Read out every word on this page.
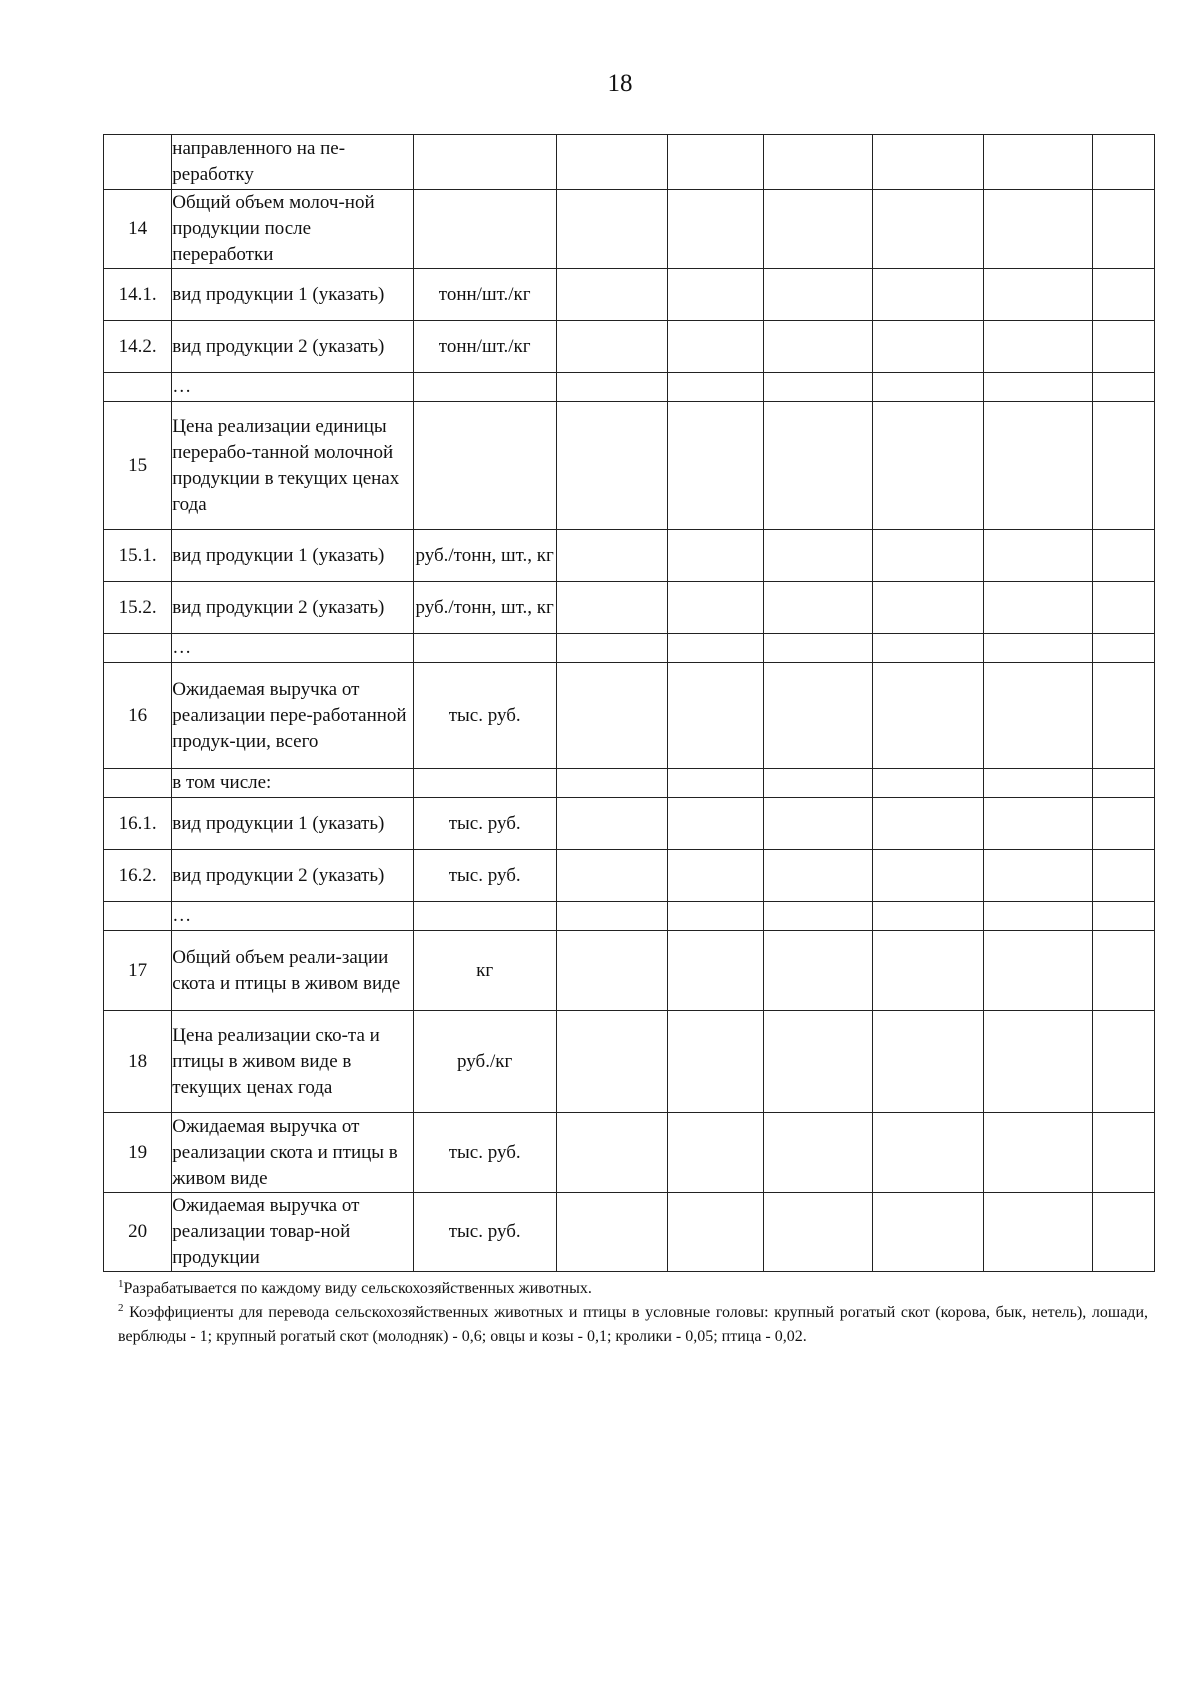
18
	направленного на пе-реработку							
14	Общий объем молоч-ной продукции после переработки							
14.1.	вид продукции 1 (указать)	тонн/шт./кг						
14.2.	вид продукции 2 (указать)	тонн/шт./кг						
	…							
15	Цена реализации единицы перерабо-танной молочной продукции в текущих ценах года							
15.1.	вид продукции 1 (указать)	руб./тонн, шт., кг						
15.2.	вид продукции 2 (указать)	руб./тонн, шт., кг						
	…							
16	Ожидаемая выручка от реализации пере-работанной продук-ции, всего	тыс. руб.						
	в том числе:							
16.1.	вид продукции 1 (указать)	тыс. руб.						
16.2.	вид продукции 2 (указать)	тыс. руб.						
	…							
17	Общий объем реали-зации скота и птицы в живом виде	кг						
18	Цена реализации ско-та и птицы в живом виде в текущих ценах года	руб./кг						
19	Ожидаемая выручка от реализации скота и птицы в живом виде	тыс. руб.						
20	Ожидаемая выручка от реализации товар-ной продукции	тыс. руб.						

$^1$Разрабатывается по каждому виду сельскохозяйственных животных.

$^2$ Коэффициенты для перевода сельскохозяйственных животных и птицы в условные головы: крупный рогатый скот (корова, бык, нетель), лошади, верблюды - 1; крупный рогатый скот (молодняк) - 0,6; овцы и козы - 0,1; кролики - 0,05; птица - 0,02.
